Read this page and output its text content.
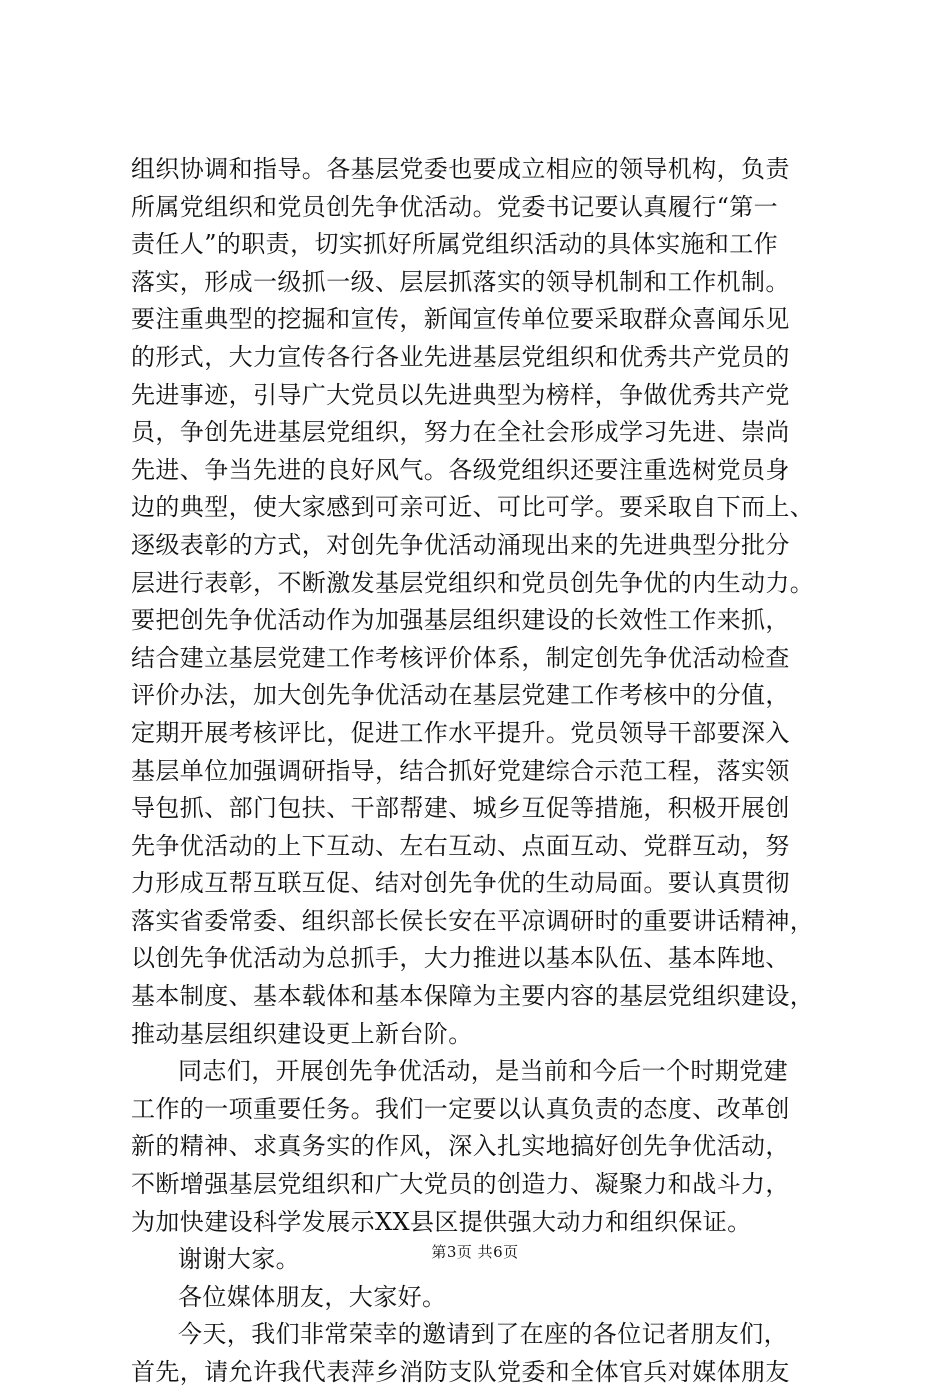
组织协调和指导。各基层党委也要成立相应的领导机构，负责
所属党组织和党员创先争优活动。党委书记要认真履行“第一
责任人”的职责，切实抓好所属党组织活动的具体实施和工作
落实，形成一级抓一级、层层抓落实的领导机制和工作机制。
要注重典型的挖掘和宣传，新闻宣传单位要采取群众喜闻乐见
的形式，大力宣传各行各业先进基层党组织和优秀共产党员的
先进事迹，引导广大党员以先进典型为榜样，争做优秀共产党
员，争创先进基层党组织，努力在全社会形成学习先进、崇尚
先进、争当先进的良好风气。各级党组织还要注重选树党员身
边的典型，使大家感到可亲可近、可比可学。要采取自下而上、
逐级表彰的方式，对创先争优活动涌现出来的先进典型分批分
层进行表彰，不断激发基层党组织和党员创先争优的内生动力。
要把创先争优活动作为加强基层组织建设的长效性工作来抓，
结合建立基层党建工作考核评价体系，制定创先争优活动检查
评价办法，加大创先争优活动在基层党建工作考核中的分值，
定期开展考核评比，促进工作水平提升。党员领导干部要深入
基层单位加强调研指导，结合抓好党建综合示范工程，落实领
导包抓、部门包扶、干部帮建、城乡互促等措施，积极开展创
先争优活动的上下互动、左右互动、点面互动、党群互动，努
力形成互帮互联互促、结对创先争优的生动局面。要认真贯彻
落实省委常委、组织部长侯长安在平凉调研时的重要讲话精神，
以创先争优活动为总抓手，大力推进以基本队伍、基本阵地、
基本制度、基本载体和基本保障为主要内容的基层党组织建设，
推动基层组织建设更上新台阶。
同志们，开展创先争优活动，是当前和今后一个时期党建
工作的一项重要任务。我们一定要以认真负责的态度、改革创
新的精神、求真务实的作风，深入扎实地搞好创先争优活动，
不断增强基层党组织和广大党员的创造力、凝聚力和战斗力，
为加快建设科学发展示XX县区提供强大动力和组织保证。
谢谢大家。
各位媒体朋友，大家好。
今天，我们非常荣幸的邀请到了在座的各位记者朋友们，
首先，请允许我代表萍乡消防支队党委和全体官兵对媒体朋友
第3页 共6页
